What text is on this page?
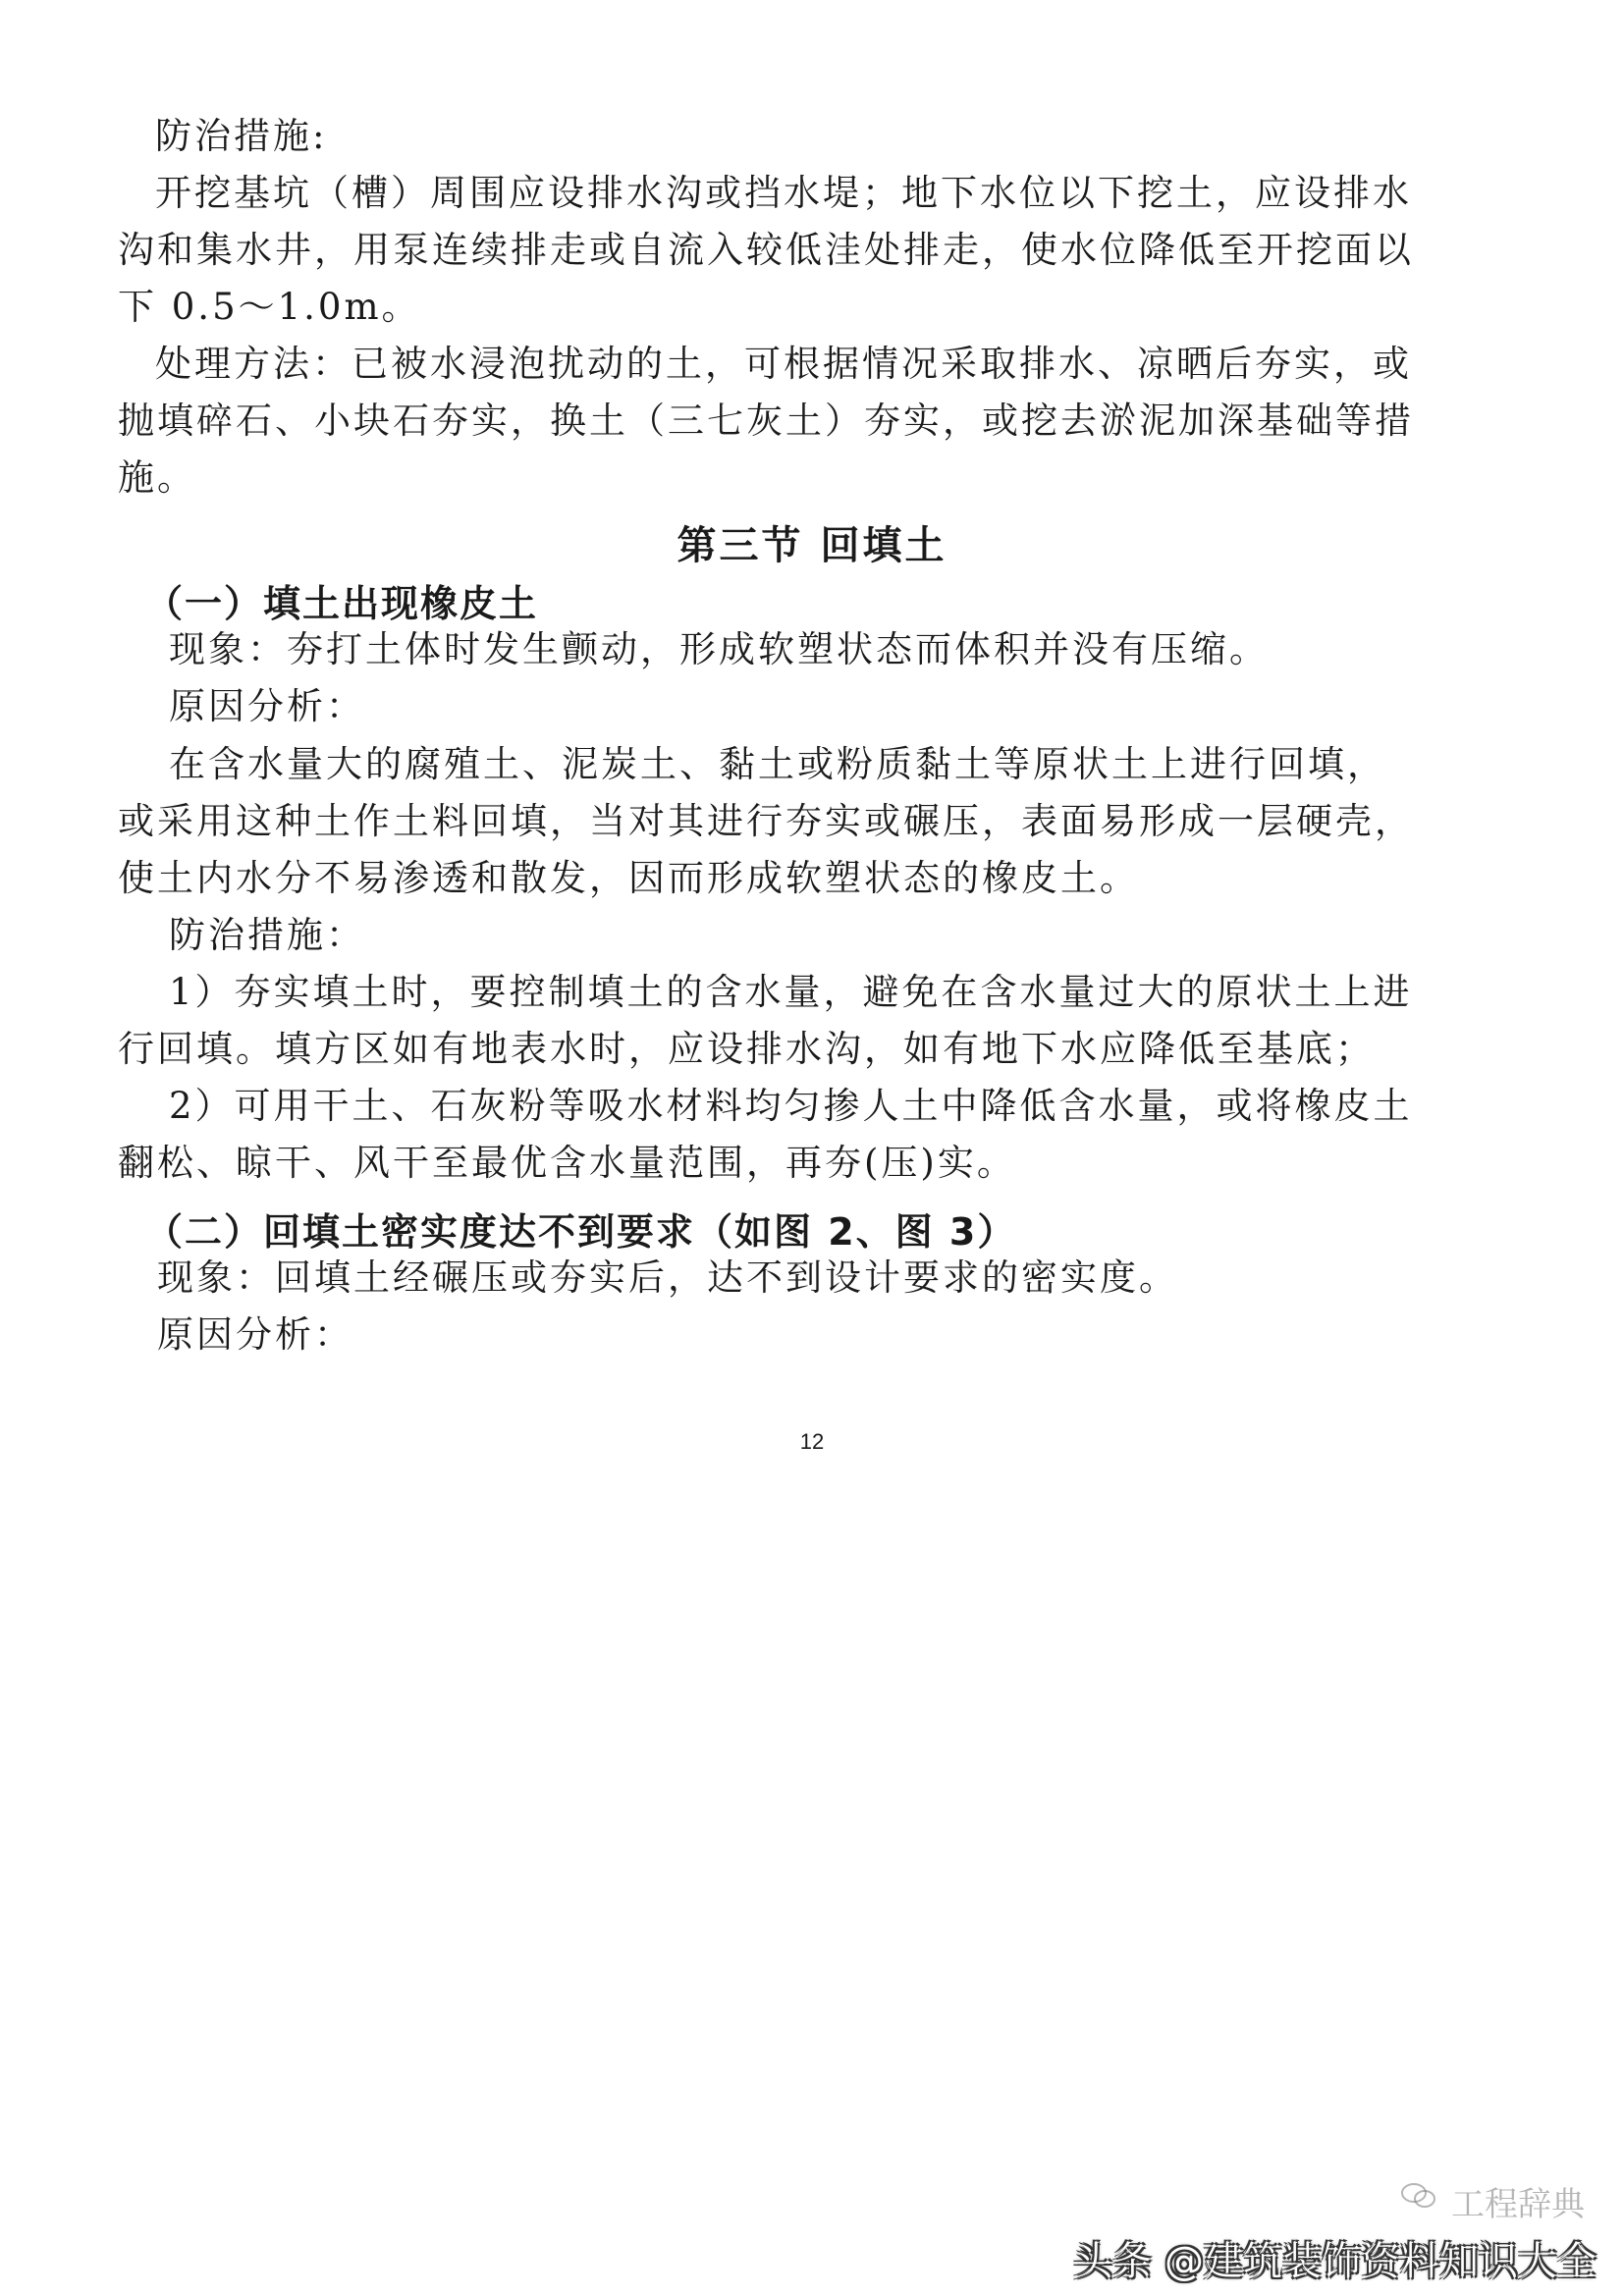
防治措施:
开挖基坑（槽）周围应设排水沟或挡水堤；地下水位以下挖土，应设排水
沟和集水井，用泵连续排走或自流入较低洼处排走，使水位降低至开挖面以
下 0.5～1.0m。
处理方法：已被水浸泡扰动的土，可根据情况采取排水、凉晒后夯实，或
抛填碎石、小块石夯实，换土（三七灰土）夯实，或挖去淤泥加深基础等措
施。
第三节 回填土
（一）填土出现橡皮土
现象：夯打土体时发生颤动，形成软塑状态而体积并没有压缩。
原因分析：
在含水量大的腐殖土、泥炭土、黏土或粉质黏土等原状土上进行回填，
或采用这种土作土料回填，当对其进行夯实或碾压，表面易形成一层硬壳，
使土内水分不易渗透和散发，因而形成软塑状态的橡皮土。
防治措施：
1）夯实填土时，要控制填土的含水量，避免在含水量过大的原状土上进
行回填。填方区如有地表水时，应设排水沟，如有地下水应降低至基底；
2）可用干土、石灰粉等吸水材料均匀掺人土中降低含水量，或将橡皮土
翻松、晾干、风干至最优含水量范围，再夯(压)实。
（二）回填土密实度达不到要求（如图 2、图 3）
现象：回填土经碾压或夯实后，达不到设计要求的密实度。
原因分析：
12
工程辞典
头条 @建筑装饰资料知识大全
